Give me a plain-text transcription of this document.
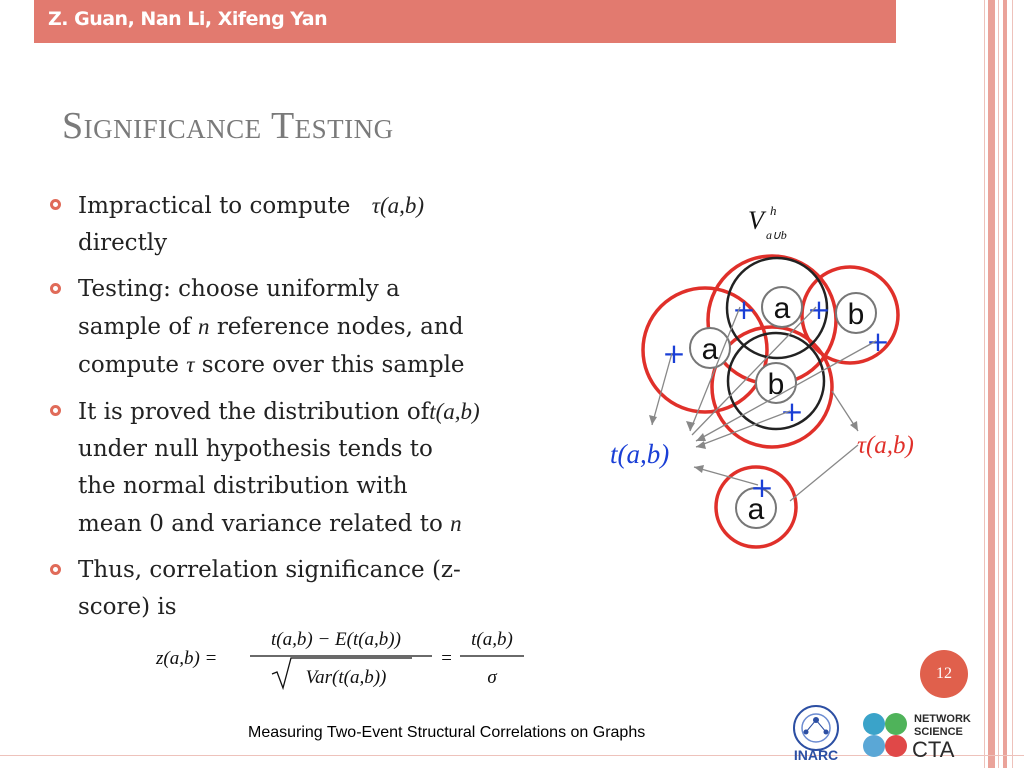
Z. Guan, Nan Li, Xifeng Yan
Significance Testing
Impractical to compute τ(a,b)
directly
Testing: choose uniformly a
sample of n reference nodes, and
compute τ score over this sample
It is proved the distribution oft(a,b)
under null hypothesis tends to
the normal distribution with
mean 0 and variance related to n
Thus, correlation significance (z-
score) is
z(a,b) =
t(a,b) − E(t(a,b))
Var(t(a,b))
=
t(a,b)
σ
V h
a∪b
a b
a
b
a
+ +
+	+
+
+
t(a,b)	τ(a,b)
12
Measuring Two-Event Structural Correlations on Graphs
INARC
NETWORK
SCIENCE
CTA
